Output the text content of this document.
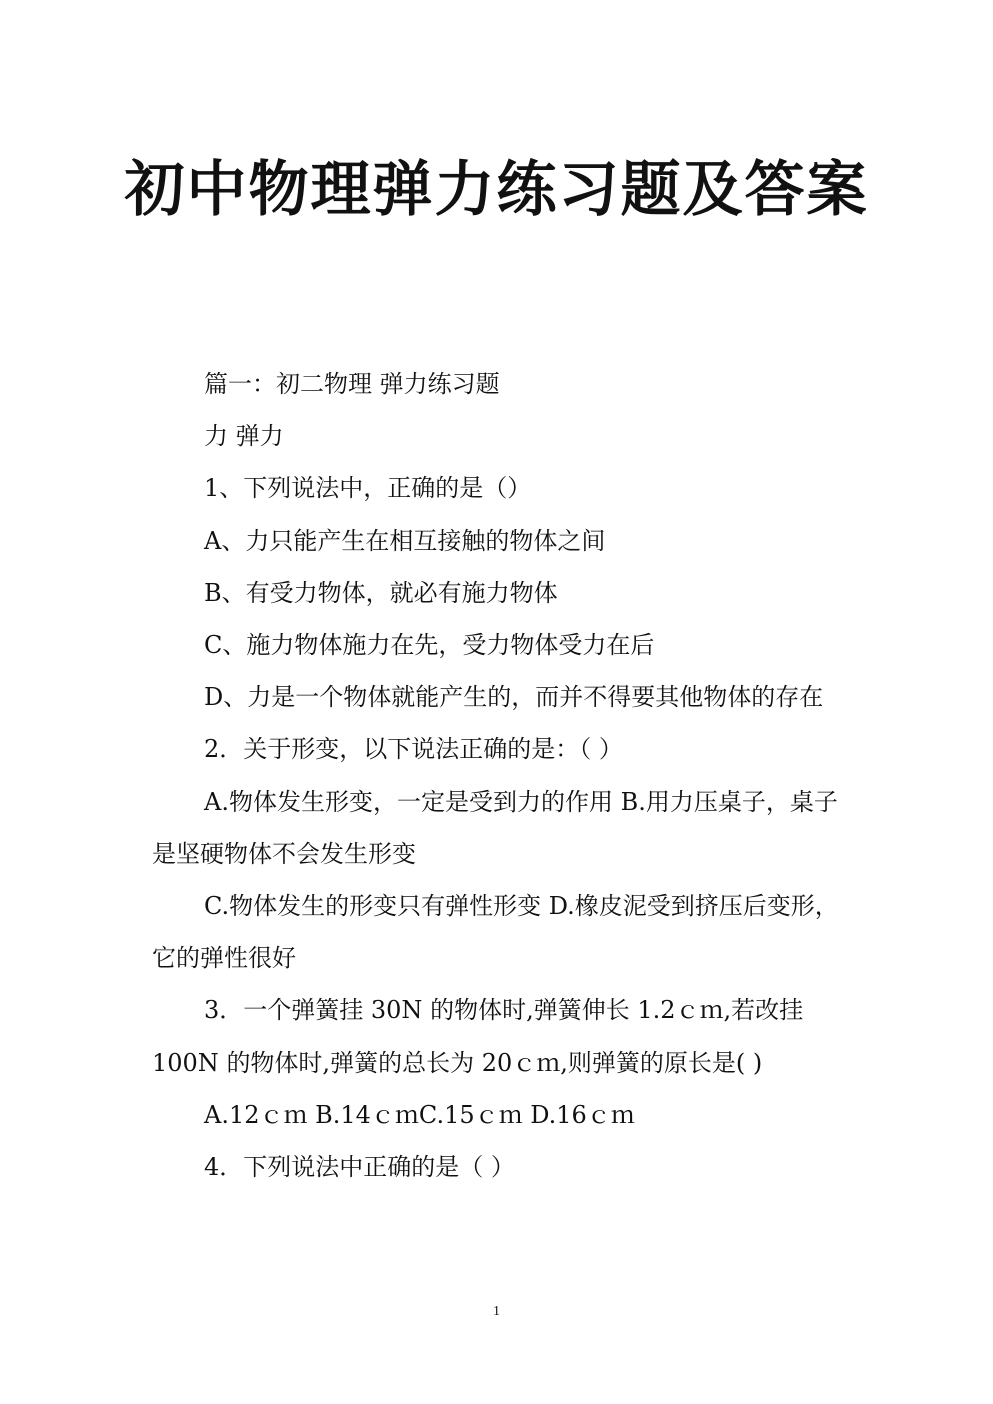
初中物理弹力练习题及答案

篇一：初二物理 弹力练习题

力 弹力

1、下列说法中，正确的是（）

A、力只能产生在相互接触的物体之间

B、有受力物体，就必有施力物体

C、施力物体施力在先，受力物体受力在后

D、力是一个物体就能产生的，而并不得要其他物体的存在

2．关于形变，以下说法正确的是：（ ）

A.物体发生形变，一定是受到力的作用 B.用力压桌子，桌子是坚硬物体不会发生形变

C.物体发生的形变只有弹性形变 D.橡皮泥受到挤压后变形，它的弹性很好

3．一个弹簧挂 30N 的物体时,弹簧伸长 1.2ｃｍ,若改挂 100N 的物体时,弹簧的总长为 20ｃｍ,则弹簧的原长是( )

A.12ｃｍ B.14ｃｍC.15ｃｍ D.16ｃｍ

4．下列说法中正确的是（ ）

1
